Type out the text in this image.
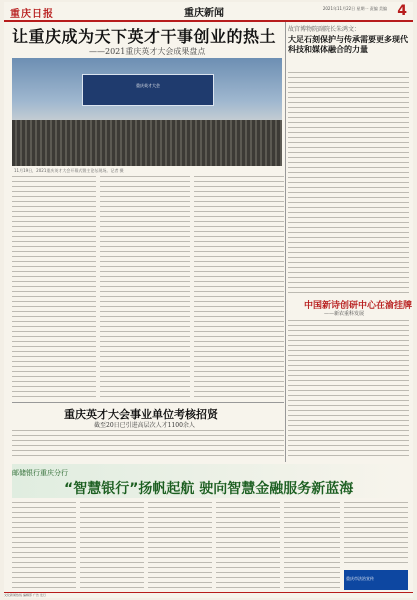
重庆日报	重庆新闻	2021年11月22日 星期一 责编 美编 4
让重庆成为天下英才干事创业的热土
——2021重庆英才大会成果盘点
重庆英才大会
11月19日，2021重庆英才大会开幕式暨主论坛现场。记者 摄
故宫博物院副院长朱鸿文：
大足石刻保护与传承需要更多现代科技和媒体融合的力量
中国新诗创研中心在渝挂牌
——新农重科发展
重庆英才大会事业单位考核招贤
截至20日已引进高层次人才1100余人
邮储银行重庆分行
“智慧银行”扬帆起航 驶向智慧金融服务新蓝海
重庆市法治宣传
文化新闻热线 编辑部 广告 发行
